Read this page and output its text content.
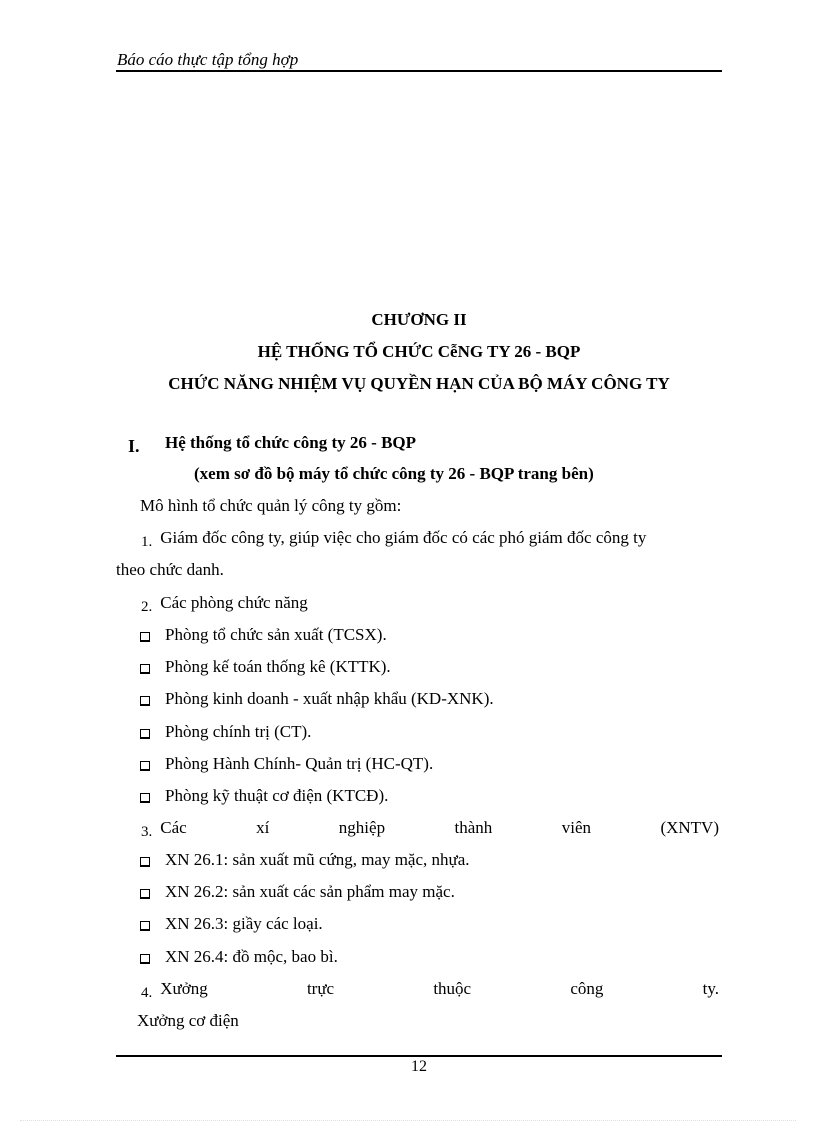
Báo cáo thực tập tổng hợp
CHƯƠNG II
HỆ THỐNG TỔ CHỨC CễNG TY 26 - BQP
CHỨC NĂNG NHIỆM VỤ QUYỀN HẠN CỦA BỘ MÁY CÔNG TY
I. Hệ thống tổ chức công ty 26 - BQP
(xem sơ đồ bộ máy tổ chức công ty 26 - BQP trang bên)
Mô hình tổ chức quản lý công ty gồm:
1. Giám đốc công ty, giúp việc cho giám đốc có các phó giám đốc công ty
theo chức danh.
2. Các phòng chức năng
Phòng tổ chức sản xuất (TCSX).
Phòng kế toán thống kê (KTTK).
Phòng kinh doanh - xuất nhập khẩu (KD-XNK).
Phòng chính trị (CT).
Phòng Hành Chính- Quản trị (HC-QT).
Phòng kỹ thuật cơ điện (KTCĐ).
3. Các	xí	nghiệp	thành	viên	(XNTV)
XN 26.1: sản xuất mũ cứng, may mặc, nhựa.
XN 26.2: sản xuất các sản phẩm may mặc.
XN 26.3: giầy các loại.
XN 26.4: đồ mộc, bao bì.
4. Xưởng	trực	thuộc	công	ty.
Xưởng cơ điện
12
